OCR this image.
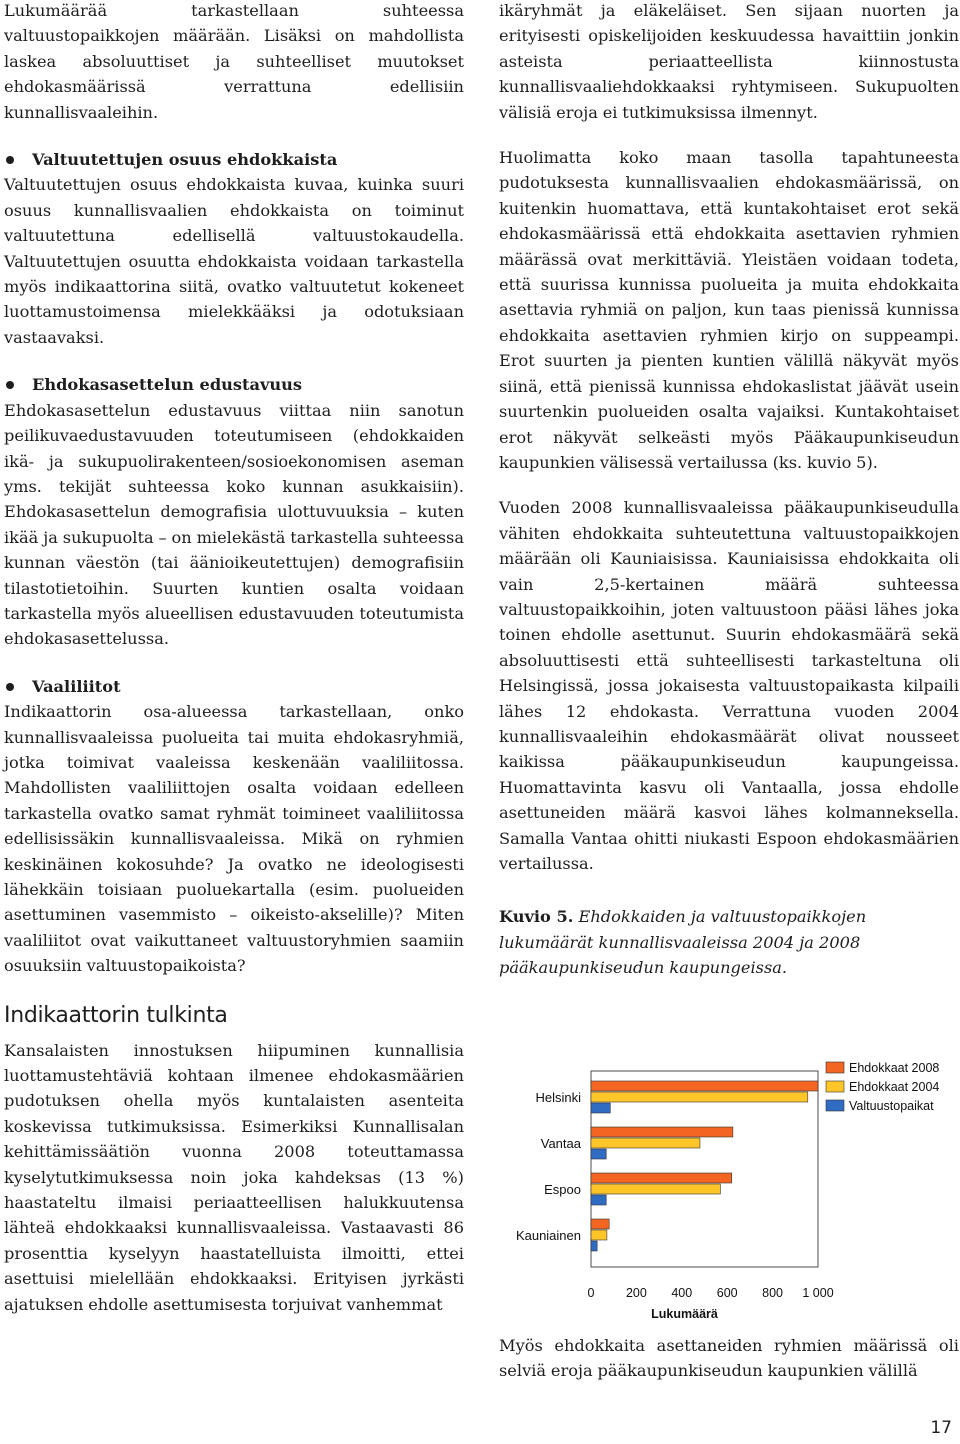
Lukumäärää tarkastellaan suhteessa valtuustopaikkojen määrään. Lisäksi on mahdollista laskea absoluuttiset ja suhteelliset muutokset ehdokasmäärissä verrattuna edellisiin kunnallisvaaleihin.

Valtuutettujen osuus ehdokkaista

Valtuutettujen osuus ehdokkaista kuvaa, kuinka suuri osuus kunnallisvaalien ehdokkaista on toiminut valtuutettuna edellisellä valtuustokaudella. Valtuutettujen osuutta ehdokkaista voidaan tarkastella myös indikaattorina siitä, ovatko valtuutetut kokeneet luottamustoimensa mielekkääksi ja odotuksiaan vastaavaksi.

Ehdokasasettelun edustavuus

Ehdokasasettelun edustavuus viittaa niin sanotun peilikuvaedustavuuden toteutumiseen (ehdokkaiden ikä- ja sukupuolirakenteen/sosioekonomisen aseman yms. tekijät suhteessa koko kunnan asukkaisiin). Ehdokasasettelun demografisia ulottuvuuksia – kuten ikää ja sukupuolta – on mielekästä tarkastella suhteessa kunnan väestön (tai äänioikeutettujen) demografisiin tilastotietoihin. Suurten kuntien osalta voidaan tarkastella myös alueellisen edustavuuden toteutumista ehdokasasettelussa.

Vaaliliitot

Indikaattorin osa-alueessa tarkastellaan, onko kunnallisvaaleissa puolueita tai muita ehdokasryhmiä, jotka toimivat vaaleissa keskenään vaaliliitossa. Mahdollisten vaaliliittojen osalta voidaan edelleen tarkastella ovatko samat ryhmät toimineet vaaliliitossa edellisissäkin kunnallisvaaleissa. Mikä on ryhmien keskinäinen kokosuhde? Ja ovatko ne ideologisesti lähekkäin toisiaan puoluekartalla (esim. puolueiden asettuminen vasemmisto – oikeisto-akselille)? Miten vaaliliitot ovat vaikuttaneet valtuustoryhmien saamiin osuuksiin valtuustopaikoista?

Indikaattorin tulkinta

Kansalaisten innostuksen hiipuminen kunnallisia luottamustehtäviä kohtaan ilmenee ehdokasmäärien pudotuksen ohella myös kuntalaisten asenteita koskevissa tutkimuksissa. Esimerkiksi Kunnallisalan kehittämissäätiön vuonna 2008 toteuttamassa kyselytutkimuksessa noin joka kahdeksas (13 %) haastateltu ilmaisi periaatteellisen halukkuutensa lähteä ehdokkaaksi kunnallisvaaleissa. Vastaavasti 86 prosenttia kyselyyn haastatelluista ilmoitti, ettei asettuisi mielellään ehdokkaaksi. Erityisen jyrkästi ajatuksen ehdolle asettumisesta torjuivat vanhemmat

ikäryhmät ja eläkeläiset. Sen sijaan nuorten ja erityisesti opiskelijoiden keskuudessa havaittiin jonkin asteista periaatteellista kiinnostusta kunnallisvaaliehdokkaaksi ryhtymiseen. Sukupuolten välisiä eroja ei tutkimuksissa ilmennyt.

Huolimatta koko maan tasolla tapahtuneesta pudotuksesta kunnallisvaalien ehdokasmäärissä, on kuitenkin huomattava, että kuntakohtaiset erot sekä ehdokasmäärissä että ehdokkaita asettavien ryhmien määrässä ovat merkittäviä. Yleistäen voidaan todeta, että suurissa kunnissa puolueita ja muita ehdokkaita asettavia ryhmiä on paljon, kun taas pienissä kunnissa ehdokkaita asettavien ryhmien kirjo on suppeampi. Erot suurten ja pienten kuntien välillä näkyvät myös siinä, että pienissä kunnissa ehdokaslistat jäävät usein suurtenkin puolueiden osalta vajaiksi. Kuntakohtaiset erot näkyvät selkeästi myös Pääkaupunkiseudun kaupunkien välisessä vertailussa (ks. kuvio 5).

Vuoden 2008 kunnallisvaaleissa pääkaupunkiseudulla vähiten ehdokkaita suhteutettuna valtuustopaikkojen määrään oli Kauniaisissa. Kauniaisissa ehdokkaita oli vain 2,5-kertainen määrä suhteessa valtuustopaikkoihin, joten valtuustoon pääsi lähes joka toinen ehdolle asettunut. Suurin ehdokasmäärä sekä absoluuttisesti että suhteellisesti tarkasteltuna oli Helsingissä, jossa jokaisesta valtuustopaikasta kilpaili lähes 12 ehdokasta. Verrattuna vuoden 2004 kunnallisvaaleihin ehdokasmäärät olivat nousseet kaikissa pääkaupunkiseudun kaupungeissa. Huomattavinta kasvu oli Vantaalla, jossa ehdolle asettuneiden määrä kasvoi lähes kolmanneksella. Samalla Vantaa ohitti niukasti Espoon ehdokasmäärien vertailussa.

Kuvio 5. Ehdokkaiden ja valtuustopaikkojen lukumäärät kunnallisvaaleissa 2004 ja 2008 pääkaupunkiseudun kaupungeissa.

Helsinki
Vantaa
Espoo
Kauniainen
0	200 400 600 800 1 000
Lukumäärä
Ehdokkaat 2008
Ehdokkaat 2004
Valtuustopaikat

Myös ehdokkaita asettaneiden ryhmien määrissä oli selviä eroja pääkaupunkiseudun kaupunkien välillä

17
